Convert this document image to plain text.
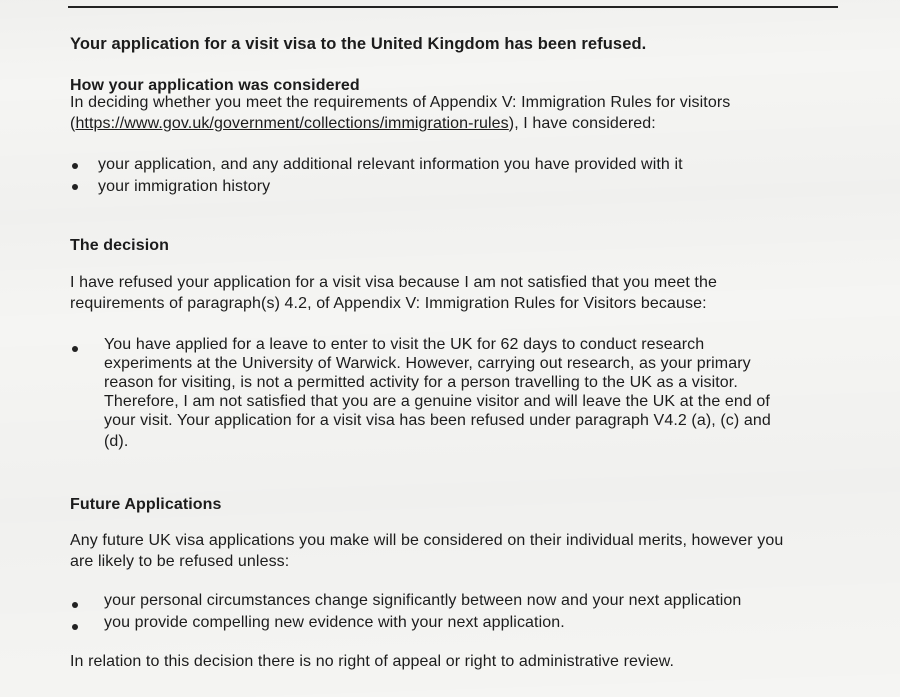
Your application for a visit visa to the United Kingdom has been refused.
How your application was considered
In deciding whether you meet the requirements of Appendix V: Immigration Rules for visitors
(https://www.gov.uk/government/collections/immigration-rules), I have considered:
your application, and any additional relevant information you have provided with it
your immigration history
The decision
I have refused your application for a visit visa because I am not satisfied that you meet the
requirements of paragraph(s) 4.2, of Appendix V: Immigration Rules for Visitors because:
You have applied for a leave to enter to visit the UK for 62 days to conduct research
experiments at the University of Warwick. However, carrying out research, as your primary
reason for visiting, is not a permitted activity for a person travelling to the UK as a visitor.
Therefore, I am not satisfied that you are a genuine visitor and will leave the UK at the end of
your visit. Your application for a visit visa has been refused under paragraph V4.2 (a), (c) and
(d).
Future Applications
Any future UK visa applications you make will be considered on their individual merits, however you
are likely to be refused unless:
your personal circumstances change significantly between now and your next application
you provide compelling new evidence with your next application.
In relation to this decision there is no right of appeal or right to administrative review.
